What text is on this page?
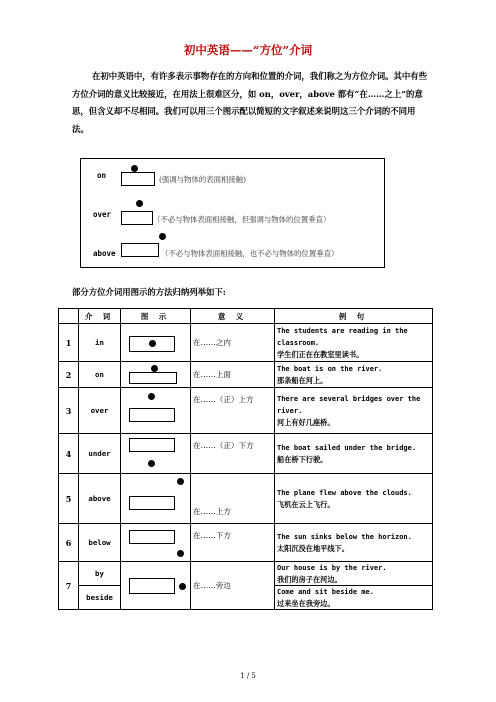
初中英语——“方位”介词
在初中英语中，有许多表示事物存在的方向和位置的介词，我们称之为方位介词。其中有些方位介词的意义比较接近，在用法上很难区分，如 on，over，above 都有“在……之上”的意思，但含义却不尽相同。我们可以用三个图示配以简短的文字叙述来说明这三个介词的不同用法。
on	(强调与物体的表面相接触)
over
（不必与物体表面相接触，但强调与物体的位置垂直）
above	（不必与物体表面相接触，也不必与物体的位置垂直）
部分方位介词用图示的方法归纳列举如下:
	介 词	图 示	意 义	例 句
1	in		在……之内	The students are reading in the classroom.
学生们正在在教室里读书。
2	on		在……上面	The boat is on the river.
那条船在河上。
3	over		在……（正）上方	There are several bridges over the river.
河上有好几座桥。
4	under		在……（正）下方	The boat sailed under the bridge.
船在桥下行驶。
5	above		在……上方	The plane flew above the clouds.
飞机在云上飞行。
6	below		在……下方	The sun sinks below the horizon.
太阳沉没在地平线下。
7	by		在……旁边	Our house is by the river.
我们的房子在河边。
	beside			Come and sit beside me.
过来坐在我旁边。
1 / 5
